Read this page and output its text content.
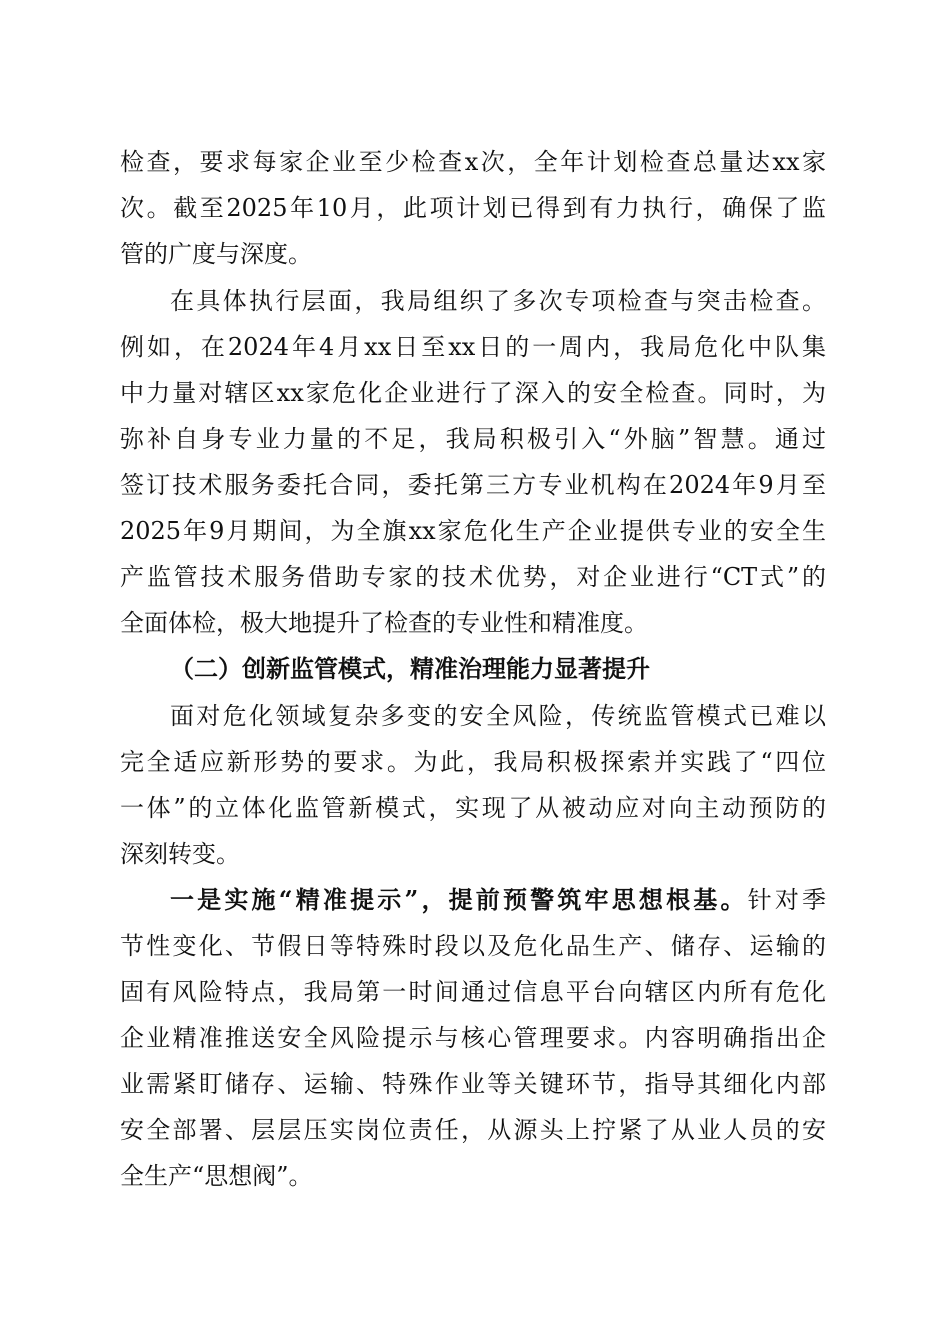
检查，要求每家企业至少检查x次，全年计划检查总量达xx家
次。截至2025年10月，此项计划已得到有力执行，确保了监
管的广度与深度。
在具体执行层面，我局组织了多次专项检查与突击检查。
例如，在2024年4月xx日至xx日的一周内，我局危化中队集
中力量对辖区xx家危化企业进行了深入的安全检查。同时，为
弥补自身专业力量的不足，我局积极引入“外脑”智慧。通过
签订技术服务委托合同，委托第三方专业机构在2024年9月至
2025年9月期间，为全旗xx家危化生产企业提供专业的安全生
产监管技术服务借助专家的技术优势，对企业进行“CT式”的
全面体检，极大地提升了检查的专业性和精准度。
（二）创新监管模式，精准治理能力显著提升
面对危化领域复杂多变的安全风险，传统监管模式已难以
完全适应新形势的要求。为此，我局积极探索并实践了“四位
一体”的立体化监管新模式，实现了从被动应对向主动预防的
深刻转变。
一是实施“精准提示”，提前预警筑牢思想根基。针对季
节性变化、节假日等特殊时段以及危化品生产、储存、运输的
固有风险特点，我局第一时间通过信息平台向辖区内所有危化
企业精准推送安全风险提示与核心管理要求。内容明确指出企
业需紧盯储存、运输、特殊作业等关键环节，指导其细化内部
安全部署、层层压实岗位责任，从源头上拧紧了从业人员的安
全生产“思想阀”。
